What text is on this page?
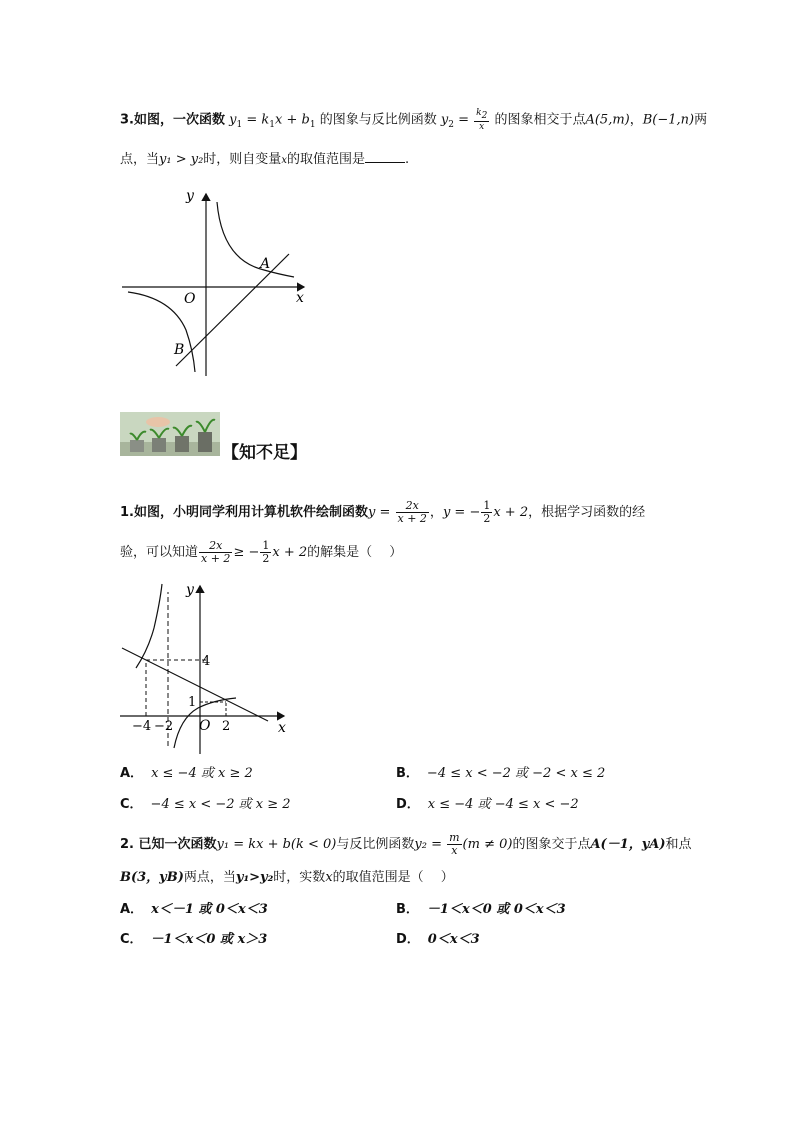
3.如图，一次函数 $y_1 = k_1x + b_1$ 的图象与反比例函数 $y_2 = \frac{k_2}{x}$ 的图象相交于点A(5,m)，B(−1,n)两
点，当y₁ > y₂时，则自变量x的取值范围是	.
y
x
O
A
B
【知不足】
1.如图，小明同学利用计算机软件绘制函数$y = \frac{2x}{x + 2}$ ，y = − $\frac{1}{2}$ x + 2，根据学习函数的经
验，可以知道 $\frac{2x}{x + 2}$ ≥ − $\frac{1}{2}$ x + 2的解集是（　 ）
y
x
O
4
1
−4 −2	2
A． x ≤ −4 或 x ≥ 2	B． −4 ≤ x < −2 或 −2 < x ≤ 2
C． −4 ≤ x < −2 或 x ≥ 2	D． x ≤ −4 或 −4 ≤ x < −2
2. 已知一次函数y₁ = kx + b(k < 0)与反比例函数$y_2 = \frac{m}{x} (m \ne 0)$的图象交于点A(－1，yA)和点
B(3，yB)两点，当y₁>y₂时，实数x的取值范围是（　 ）
A． x＜－1 或 0＜x＜3	B． －1＜x＜0 或 0＜x＜3
C． －1＜x＜0 或 x＞3	D． 0＜x＜3
